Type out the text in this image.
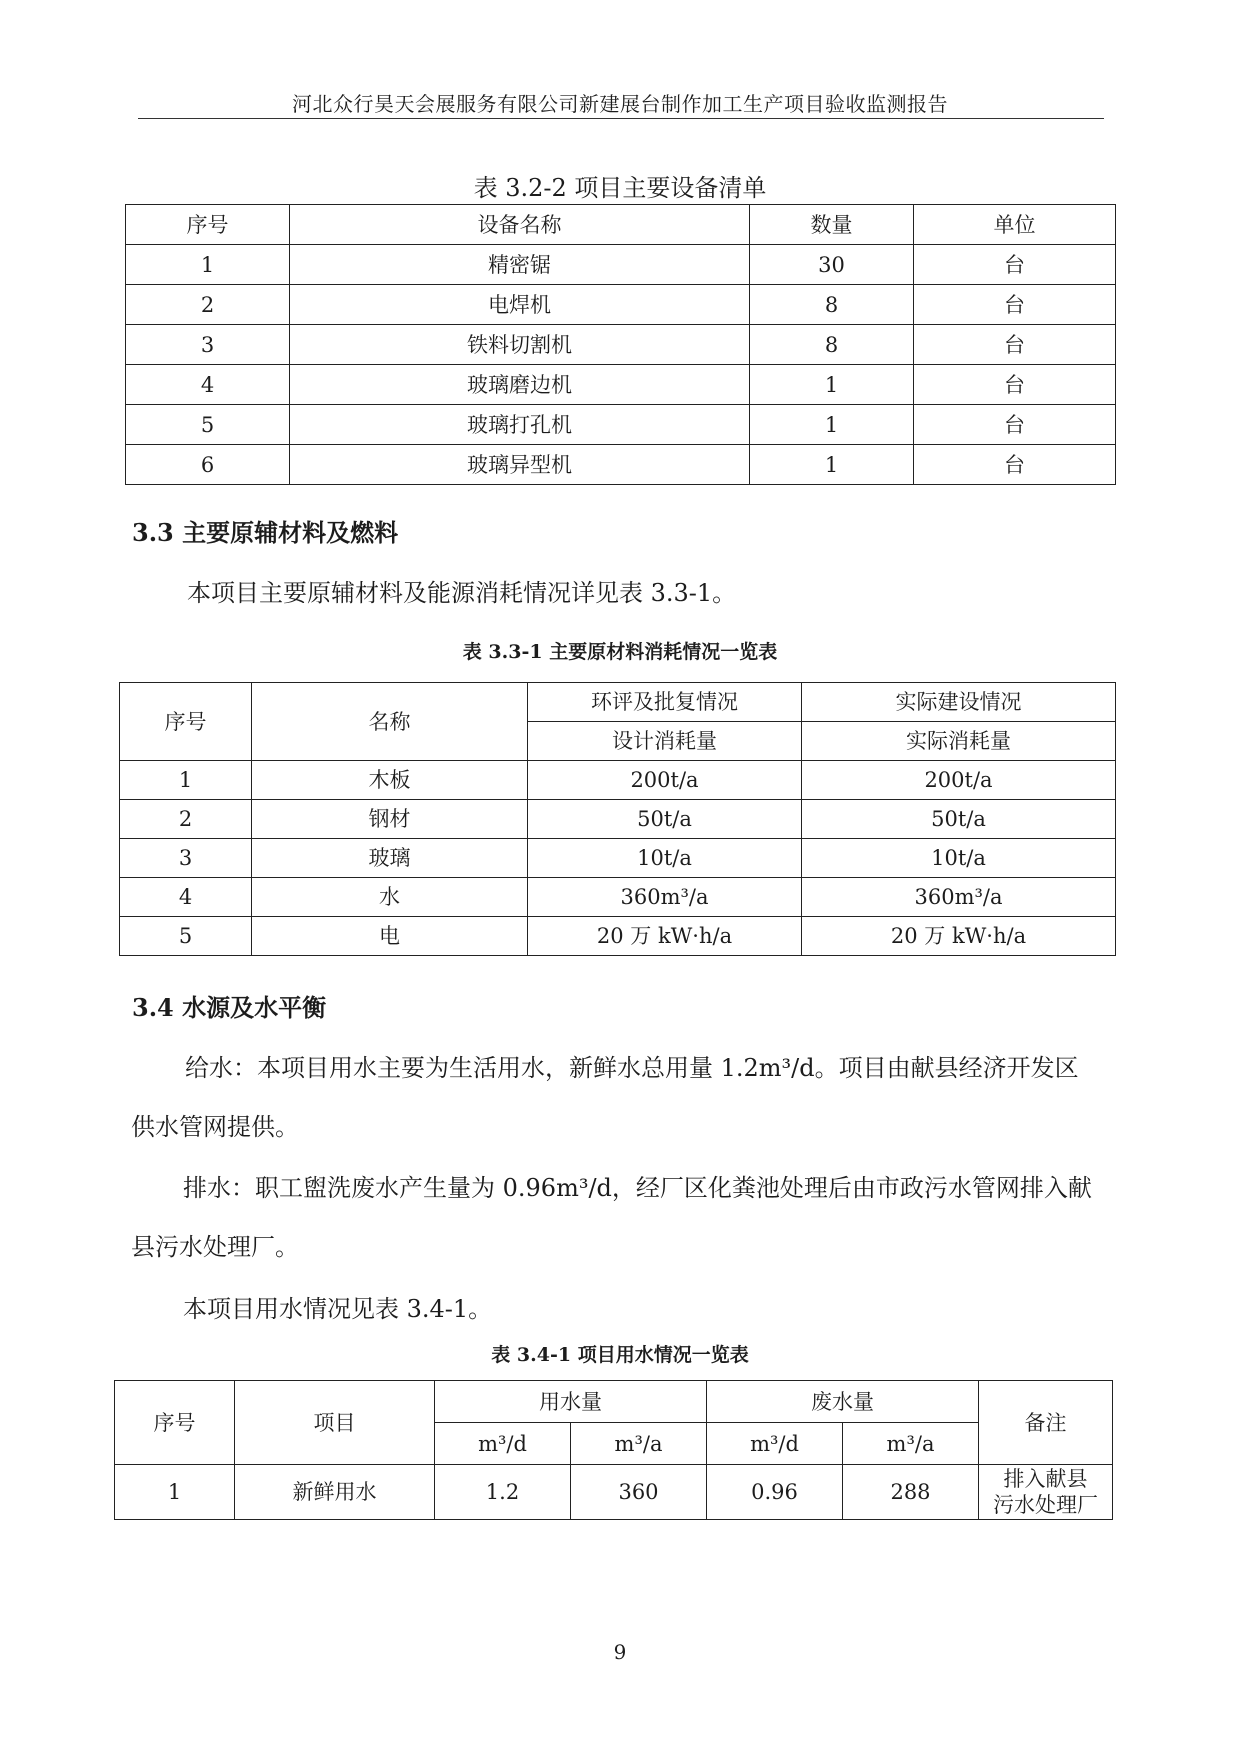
河北众行昊天会展服务有限公司新建展台制作加工生产项目验收监测报告
表 3.2-2 项目主要设备清单
序号	设备名称	数量	单位
1	精密锯	30	台
2	电焊机	8	台
3	铁料切割机	8	台
4	玻璃磨边机	1	台
5	玻璃打孔机	1	台
6	玻璃异型机	1	台
3.3 主要原辅材料及燃料
本项目主要原辅材料及能源消耗情况详见表 3.3-1。
表 3.3-1 主要原材料消耗情况一览表
序号	名称	环评及批复情况	实际建设情况
		设计消耗量	实际消耗量
1	木板	200t/a	200t/a
2	钢材	50t/a	50t/a
3	玻璃	10t/a	10t/a
4	水	360m³/a	360m³/a
5	电	20 万 kW·h/a	20 万 kW·h/a
3.4 水源及水平衡
给水：本项目用水主要为生活用水，新鲜水总用量 1.2m³/d。项目由献县经济开发区
供水管网提供。
排水：职工盥洗废水产生量为 0.96m³/d，经厂区化粪池处理后由市政污水管网排入献
县污水处理厂。
本项目用水情况见表 3.4-1。
表 3.4-1 项目用水情况一览表
序号	项目	用水量		废水量		备注
		m³/d	m³/a	m³/d	m³/a	
1	新鲜用水	1.2	360	0.96	288	排入献县
污水处理厂
9
